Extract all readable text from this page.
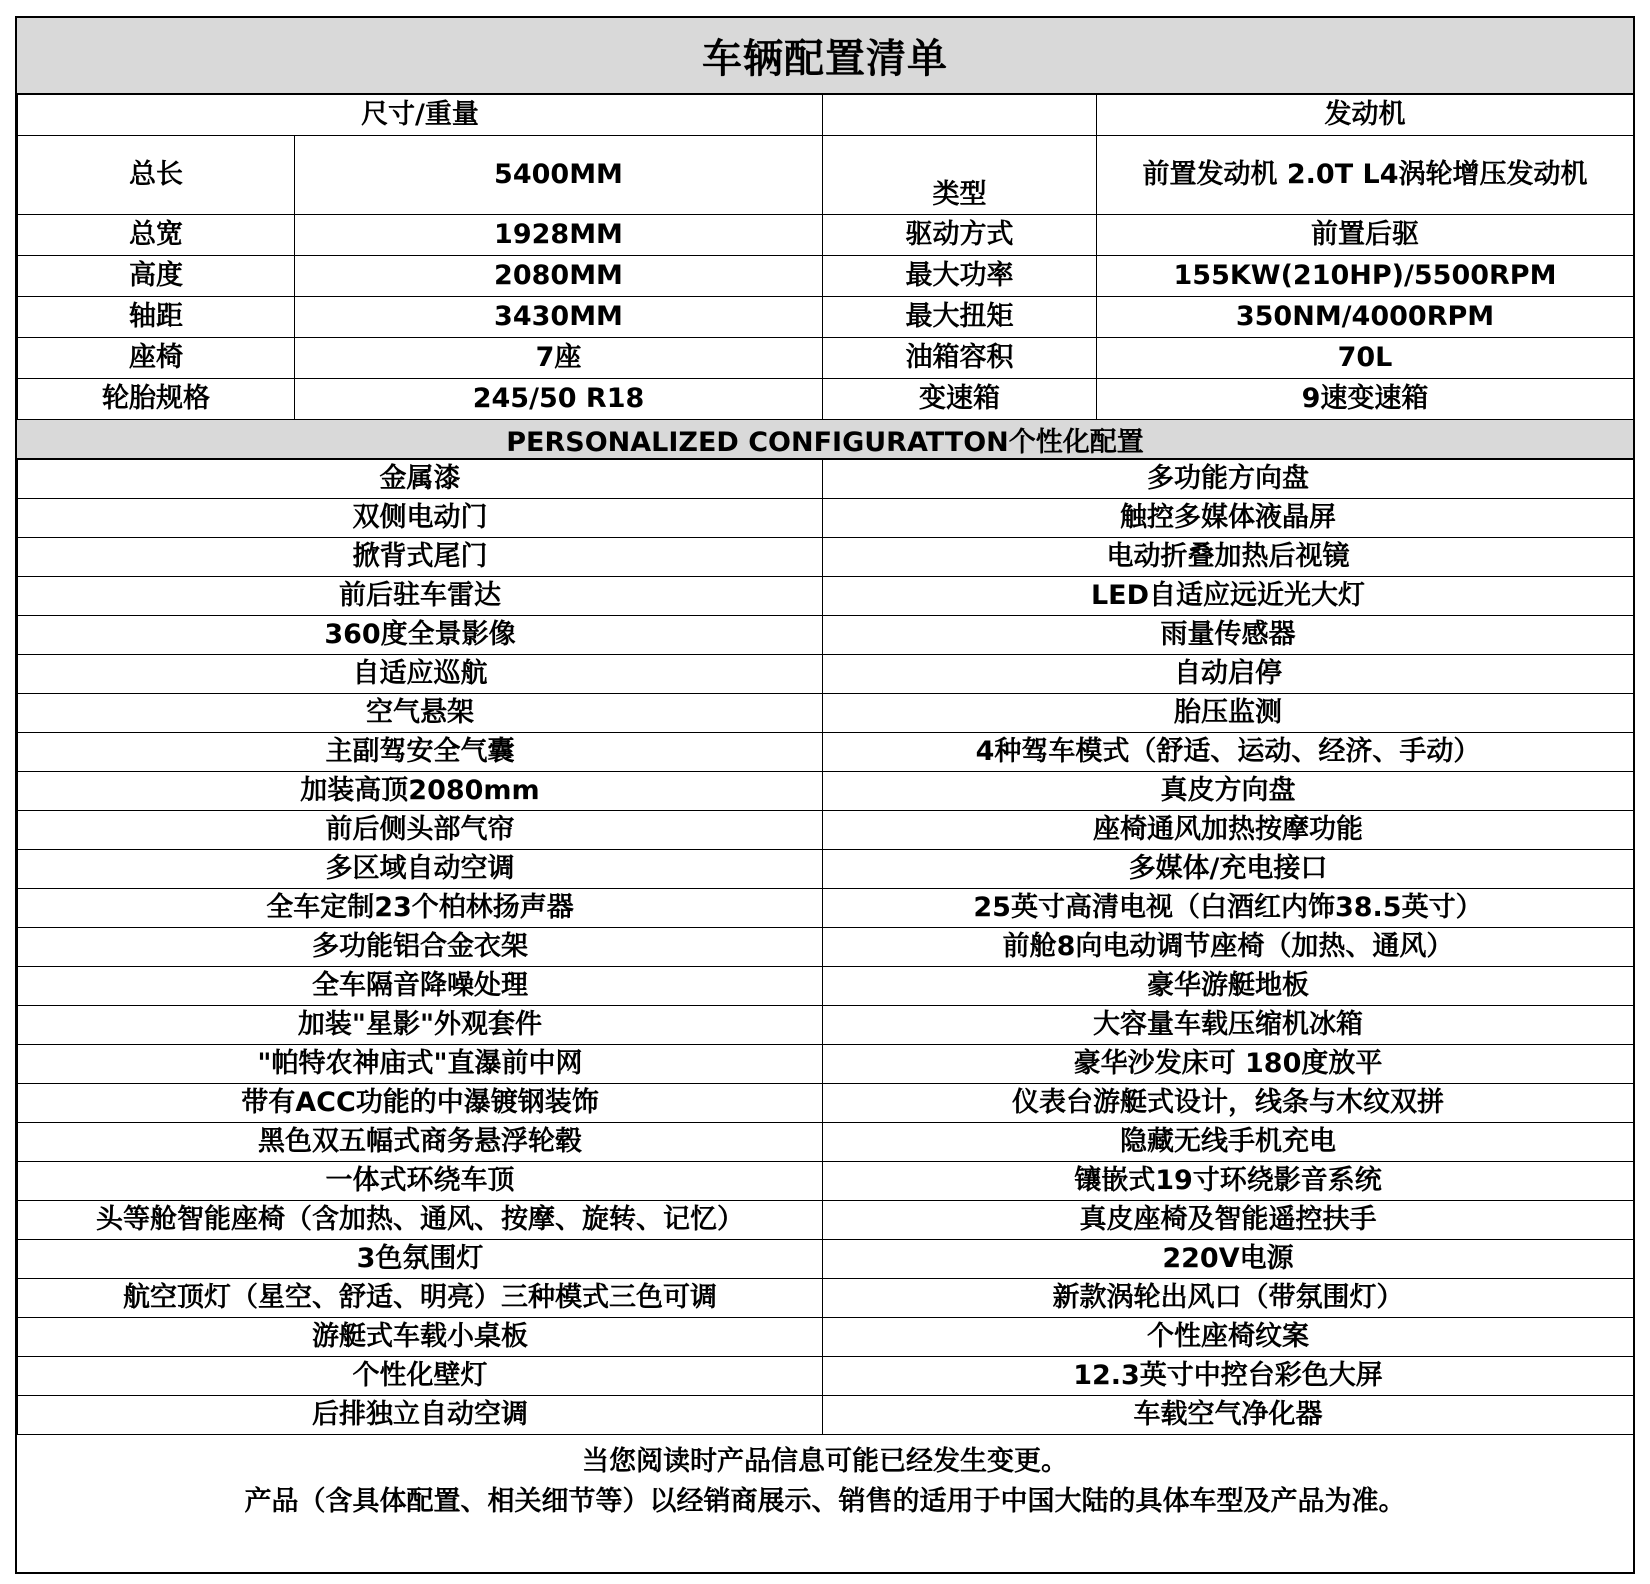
车辆配置清单
尺寸/重量			发动机
总长	5400MM	类型	前置发动机 2.0T L4涡轮增压发动机
总宽	1928MM	驱动方式	前置后驱
高度	2080MM	最大功率	155KW(210HP)/5500RPM
轴距	3430MM	最大扭矩	350NM/4000RPM
座椅	7座	油箱容积	70L
轮胎规格	245/50 R18	变速箱	9速变速箱
PERSONALIZED CONFIGURATTON个性化配置
金属漆	多功能方向盘
双侧电动门	触控多媒体液晶屏
掀背式尾门	电动折叠加热后视镜
前后驻车雷达	LED自适应远近光大灯
360度全景影像	雨量传感器
自适应巡航	自动启停
空气悬架	胎压监测
主副驾安全气囊	4种驾车模式（舒适、运动、经济、手动）
加装高顶2080mm	真皮方向盘
前后侧头部气帘	座椅通风加热按摩功能
多区域自动空调	多媒体/充电接口
全车定制23个柏林扬声器	25英寸高清电视（白酒红内饰38.5英寸）
多功能铝合金衣架	前舱8向电动调节座椅（加热、通风）
全车隔音降噪处理	豪华游艇地板
加装"星影"外观套件	大容量车载压缩机冰箱
"帕特农神庙式"直瀑前中网	豪华沙发床可 180度放平
带有ACC功能的中瀑镀钢装饰	仪表台游艇式设计，线条与木纹双拼
黑色双五幅式商务悬浮轮毂	隐藏无线手机充电
一体式环绕车顶	镶嵌式19寸环绕影音系统
头等舱智能座椅（含加热、通风、按摩、旋转、记忆）	真皮座椅及智能遥控扶手
3色氛围灯	220V电源
航空顶灯（星空、舒适、明亮）三种模式三色可调	新款涡轮出风口（带氛围灯）
游艇式车载小桌板	个性座椅纹案
个性化壁灯	12.3英寸中控台彩色大屏
后排独立自动空调	车载空气净化器
当您阅读时产品信息可能已经发生变更。
产品（含具体配置、相关细节等）以经销商展示、销售的适用于中国大陆的具体车型及产品为准。
